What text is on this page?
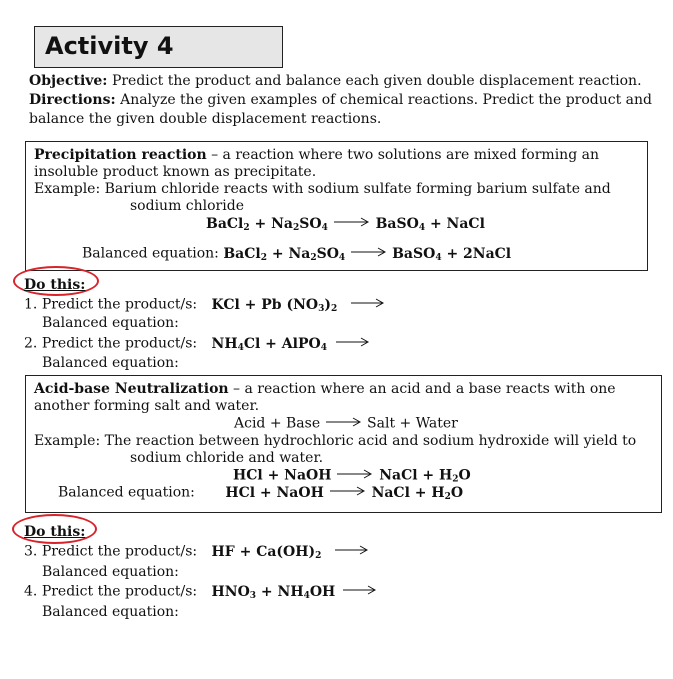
Activity 4
Objective: Predict the product and balance each given double displacement reaction.
Directions: Analyze the given examples of chemical reactions. Predict the product and
balance the given double displacement reactions.
Precipitation reaction – a reaction where two solutions are mixed forming an
insoluble product known as precipitate.
Example: Barium chloride reacts with sodium sulfate forming barium sulfate and
sodium chloride
BaCl$_2$ + $Na_2SO_4$ → BaSO$_4$ + NaCl
Balanced equation: BaCl$_2$ + $Na_2SO_4$ → BaSO$_4$ + 2NaCl
Do this:
1. Predict the product/s: KCl + Pb $(NO_3)_2$ →
Balanced equation:
2. Predict the product/s: $NH_4Cl$ + AlPO$_4$ →
Balanced equation:
Acid-base Neutralization – a reaction where an acid and a base reacts with one
another forming salt and water.
Acid + Base → Salt + Water
Example: The reaction between hydrochloric acid and sodium hydroxide will yield to
sodium chloride and water.
HCl + NaOH → NaCl + $H_2O$
Balanced equation: HCl + NaOH → NaCl + $H_2O$
Do this:
3. Predict the product/s: HF + $Ca(OH)_2$ →
Balanced equation:
4. Predict the product/s: $HNO_3 + NH_4OH$ →
Balanced equation:
